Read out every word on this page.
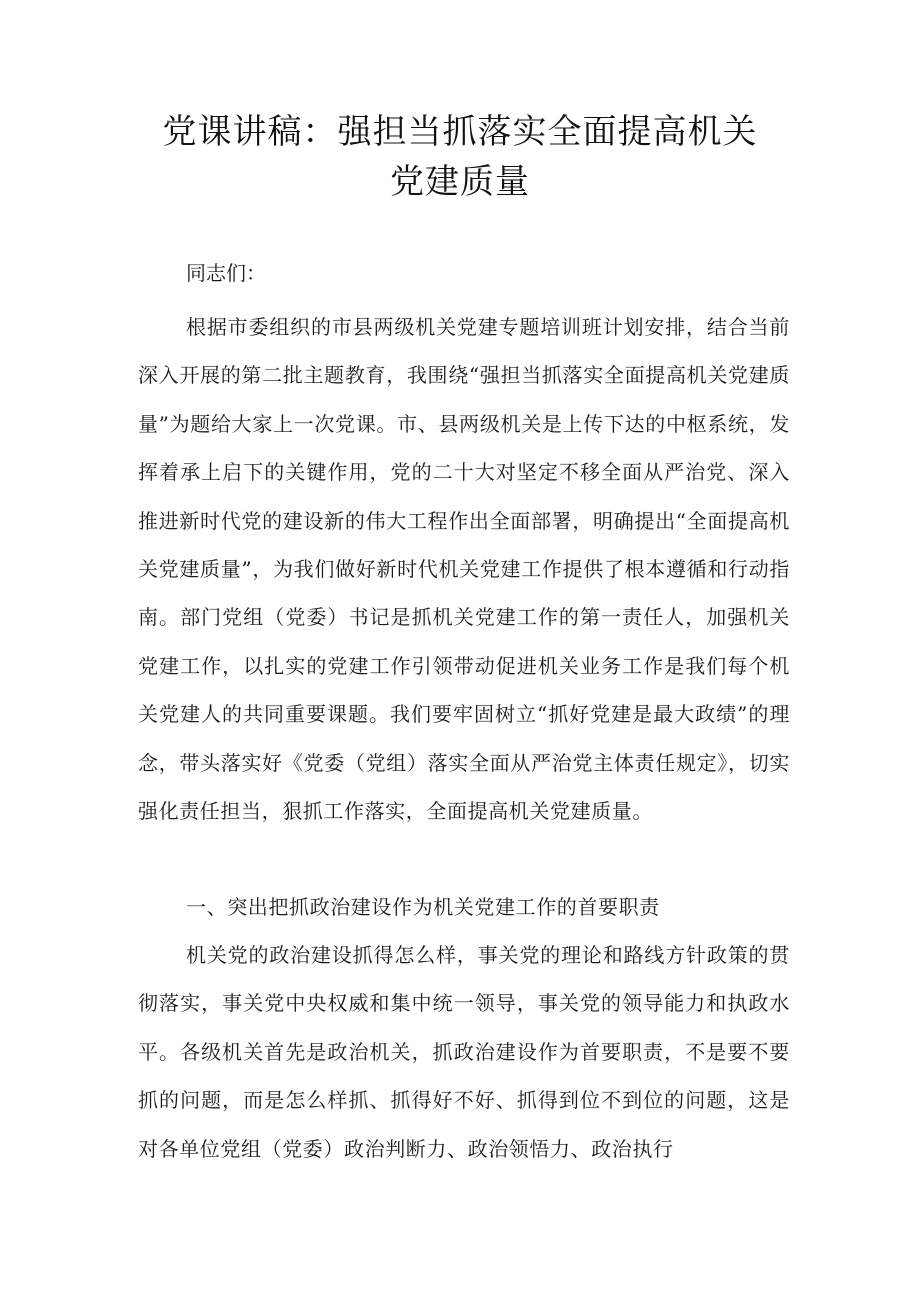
党课讲稿：强担当抓落实全面提高机关
党建质量
同志们：

根据市委组织的市县两级机关党建专题培训班计划安排，结合当前深入开展的第二批主题教育，我围绕“强担当抓落实全面提高机关党建质量”为题给大家上一次党课。市、县两级机关是上传下达的中枢系统，发挥着承上启下的关键作用，党的二十大对坚定不移全面从严治党、深入推进新时代党的建设新的伟大工程作出全面部署，明确提出“全面提高机关党建质量”，为我们做好新时代机关党建工作提供了根本遵循和行动指南。部门党组（党委）书记是抓机关党建工作的第一责任人，加强机关党建工作，以扎实的党建工作引领带动促进机关业务工作是我们每个机关党建人的共同重要课题。我们要牢固树立“抓好党建是最大政绩”的理念，带头落实好《党委（党组）落实全面从严治党主体责任规定》，切实强化责任担当，狠抓工作落实，全面提高机关党建质量。

一、突出把抓政治建设作为机关党建工作的首要职责

机关党的政治建设抓得怎么样，事关党的理论和路线方针政策的贯彻落实，事关党中央权威和集中统一领导，事关党的领导能力和执政水平。各级机关首先是政治机关，抓政治建设作为首要职责，不是要不要抓的问题，而是怎么样抓、抓得好不好、抓得到位不到位的问题，这是对各单位党组（党委）政治判断力、政治领悟力、政治执行
